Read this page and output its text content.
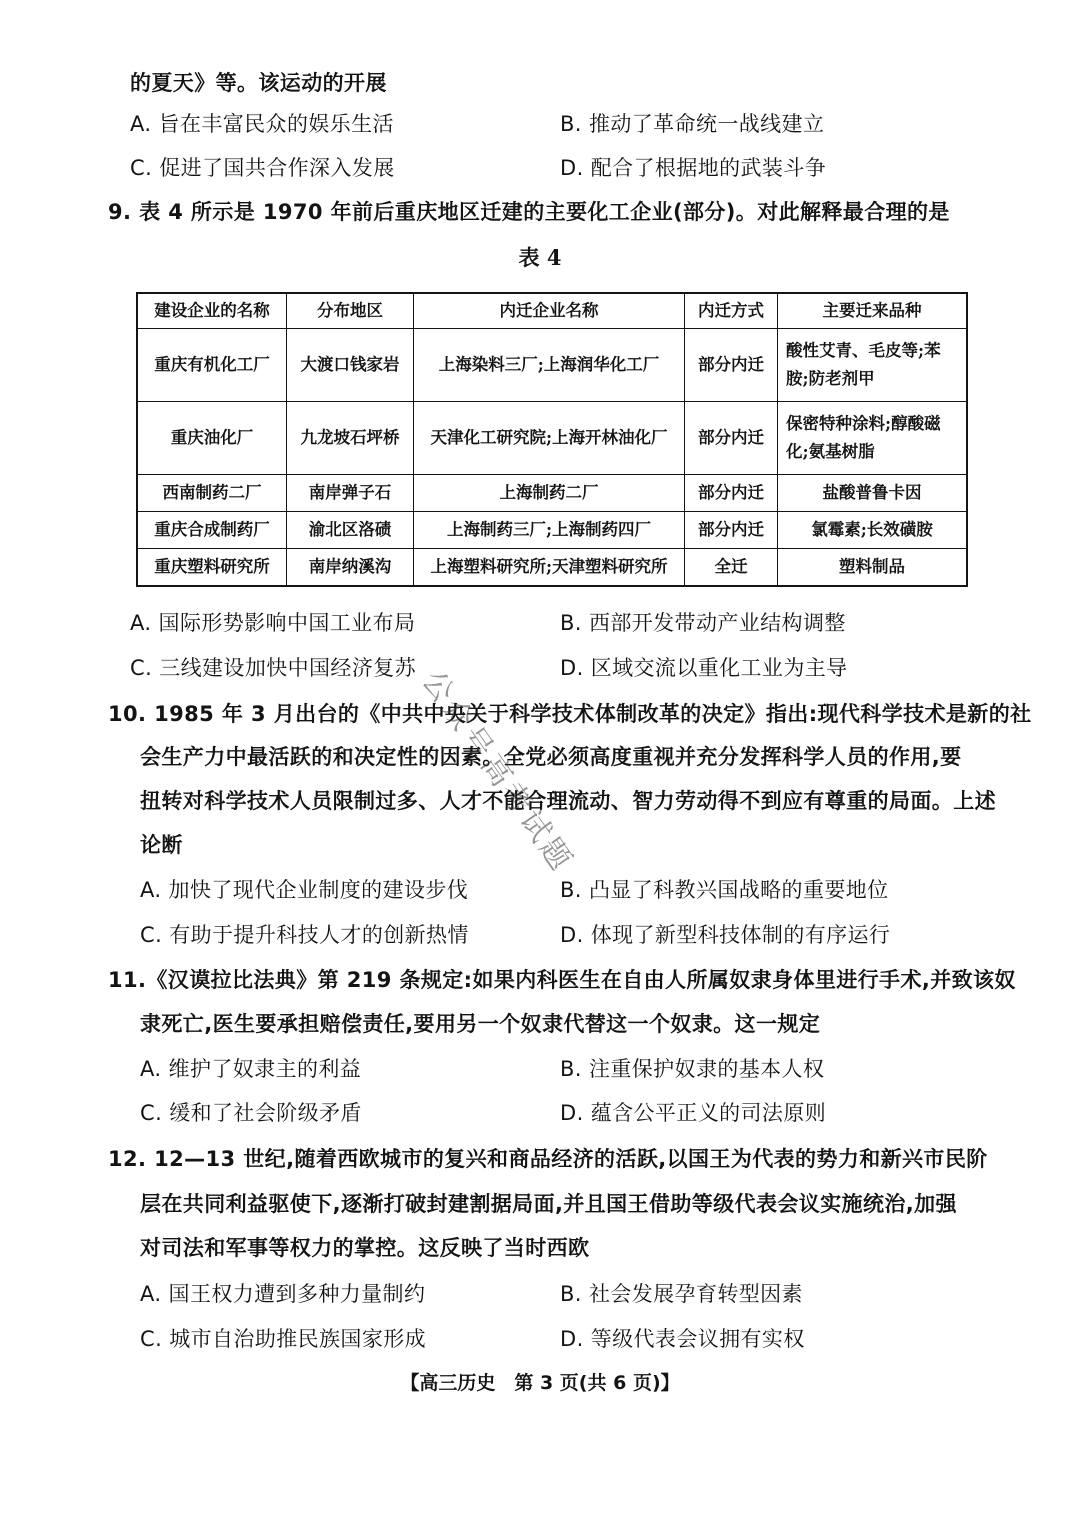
的夏天》等。该运动的开展
A. 旨在丰富民众的娱乐生活	B. 推动了革命统一战线建立
C. 促进了国共合作深入发展	D. 配合了根据地的武装斗争
9. 表 4 所示是 1970 年前后重庆地区迁建的主要化工企业(部分)。对此解释最合理的是
表 4
建设企业的名称	分布地区	内迁企业名称	内迁方式	主要迁来品种
重庆有机化工厂	大渡口钱家岩	上海染料三厂;上海润华化工厂	部分内迁	酸性艾青、毛皮等;苯胺;防老剂甲
重庆油化厂	九龙坡石坪桥	天津化工研究院;上海开林油化厂	部分内迁	保密特种涂料;醇酸磁化;氨基树脂
西南制药二厂	南岸弹子石	上海制药二厂	部分内迁	盐酸普鲁卡因
重庆合成制药厂	渝北区洛碛	上海制药三厂;上海制药四厂	部分内迁	氯霉素;长效磺胺
重庆塑料研究所	南岸纳溪沟	上海塑料研究所;天津塑料研究所	全迁	塑料制品
A. 国际形势影响中国工业布局	B. 西部开发带动产业结构调整
C. 三线建设加快中国经济复苏	D. 区域交流以重化工业为主导
10. 1985 年 3 月出台的《中共中央关于科学技术体制改革的决定》指出:现代科学技术是新的社
会生产力中最活跃的和决定性的因素。全党必须高度重视并充分发挥科学人员的作用,要
扭转对科学技术人员限制过多、人才不能合理流动、智力劳动得不到应有尊重的局面。上述
论断
A. 加快了现代企业制度的建设步伐	B. 凸显了科教兴国战略的重要地位
C. 有助于提升科技人才的创新热情	D. 体现了新型科技体制的有序运行
11.《汉谟拉比法典》第 219 条规定:如果内科医生在自由人所属奴隶身体里进行手术,并致该奴
隶死亡,医生要承担赔偿责任,要用另一个奴隶代替这一个奴隶。这一规定
A. 维护了奴隶主的利益	B. 注重保护奴隶的基本人权
C. 缓和了社会阶级矛盾	D. 蕴含公平正义的司法原则
12. 12—13 世纪,随着西欧城市的复兴和商品经济的活跃,以国王为代表的势力和新兴市民阶
层在共同利益驱使下,逐渐打破封建割据局面,并且国王借助等级代表会议实施统治,加强
对司法和军事等权力的掌控。这反映了当时西欧
A. 国王权力遭到多种力量制约	B. 社会发展孕育转型因素
C. 城市自治助推民族国家形成	D. 等级代表会议拥有实权
公众号高考试题
【高三历史　第 3 页(共 6 页)】
